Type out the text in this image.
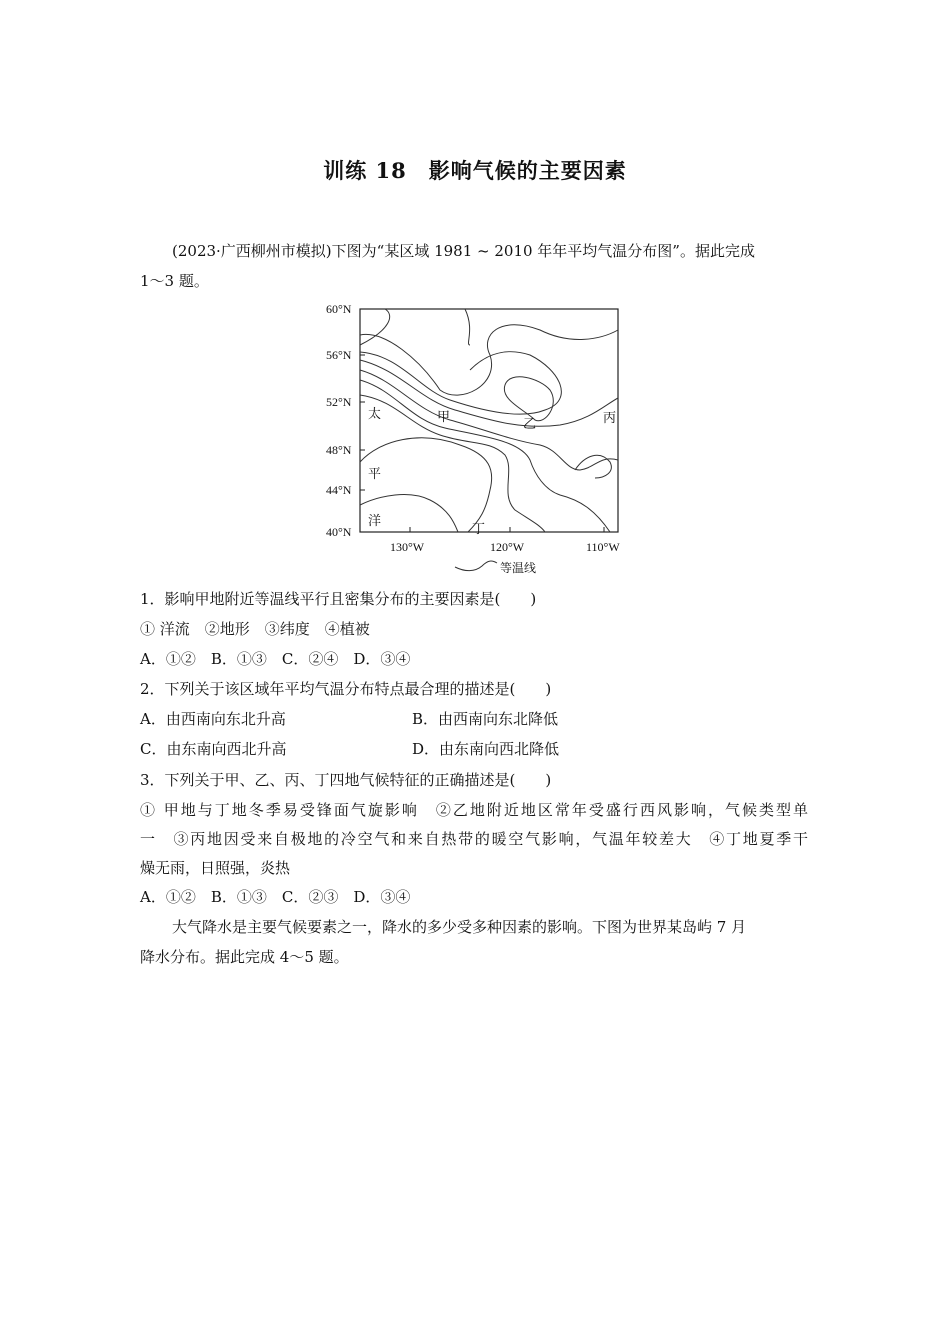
训练 18　影响气候的主要因素
(2023·广西柳州市模拟)下图为“某区域 1981 ~ 2010 年年平均气温分布图”。据此完成
1～3 题。
60°N
56°N
52°N
48°N
44°N
40°N
130°W	120°W	110°W
太
平
洋
甲	乙	丙
丁
等温线
1．影响甲地附近等温线平行且密集分布的主要因素是(　　)
① 洋流　②地形　③纬度　④植被
A．①②　B．①③　C．②④　D．③④
2．下列关于该区域年平均气温分布特点最合理的描述是(　　)
A．由西南向东北升高	B．由西南向东北降低
C．由东南向西北升高	D．由东南向西北降低
3．下列关于甲、乙、丙、丁四地气候特征的正确描述是(　　)
① 甲地与丁地冬季易受锋面气旋影响　②乙地附近地区常年受盛行西风影响，气候类型单
一　③丙地因受来自极地的冷空气和来自热带的暖空气影响，气温年较差大　④丁地夏季干
燥无雨，日照强，炎热
A．①②　B．①③　C．②③　D．③④
大气降水是主要气候要素之一，降水的多少受多种因素的影响。下图为世界某岛屿 7 月
降水分布。据此完成 4～5 题。
